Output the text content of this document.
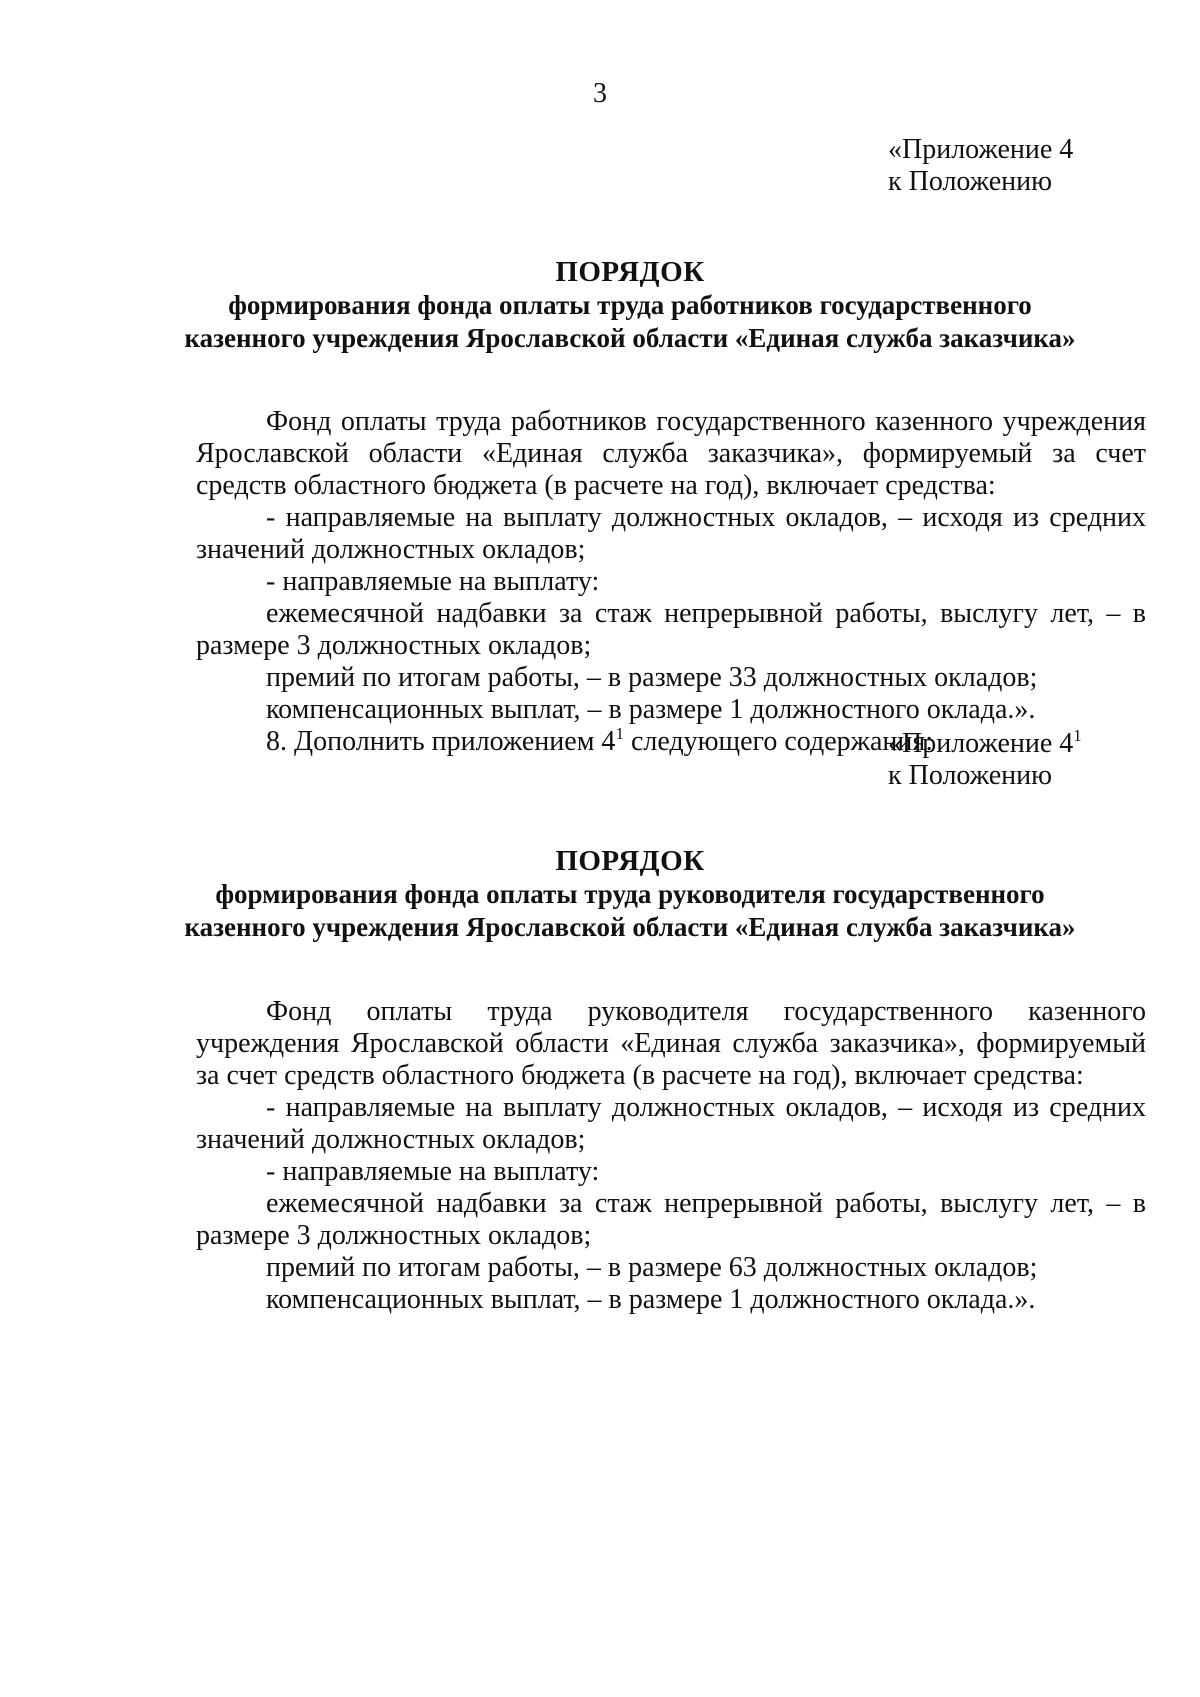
3
«Приложение 4
к Положению
ПОРЯДОК
формирования фонда оплаты труда работников государственного
казенного учреждения Ярославской области «Единая служба заказчика»

Фонд оплаты труда работников государственного казенного учреждения Ярославской области «Единая служба заказчика», формируемый за счет средств областного бюджета (в расчете на год), включает средства:

- направляемые на выплату должностных окладов, – исходя из средних значений должностных окладов;

- направляемые на выплату:

ежемесячной надбавки за стаж непрерывной работы, выслугу лет, – в размере 3 должностных окладов;

премий по итогам работы, – в размере 33 должностных окладов;

компенсационных выплат, – в размере 1 должностного оклада.».

8. Дополнить приложением $4^1$ следующего содержания:

«Приложение $4^1$
к Положению
ПОРЯДОК
формирования фонда оплаты труда руководителя государственного
казенного учреждения Ярославской области «Единая служба заказчика»

Фонд оплаты труда руководителя государственного казенного учреждения Ярославской области «Единая служба заказчика», формируемый за счет средств областного бюджета (в расчете на год), включает средства:

- направляемые на выплату должностных окладов, – исходя из средних значений должностных окладов;

- направляемые на выплату:

ежемесячной надбавки за стаж непрерывной работы, выслугу лет, – в размере 3 должностных окладов;

премий по итогам работы, – в размере 63 должностных окладов;

компенсационных выплат, – в размере 1 должностного оклада.».
